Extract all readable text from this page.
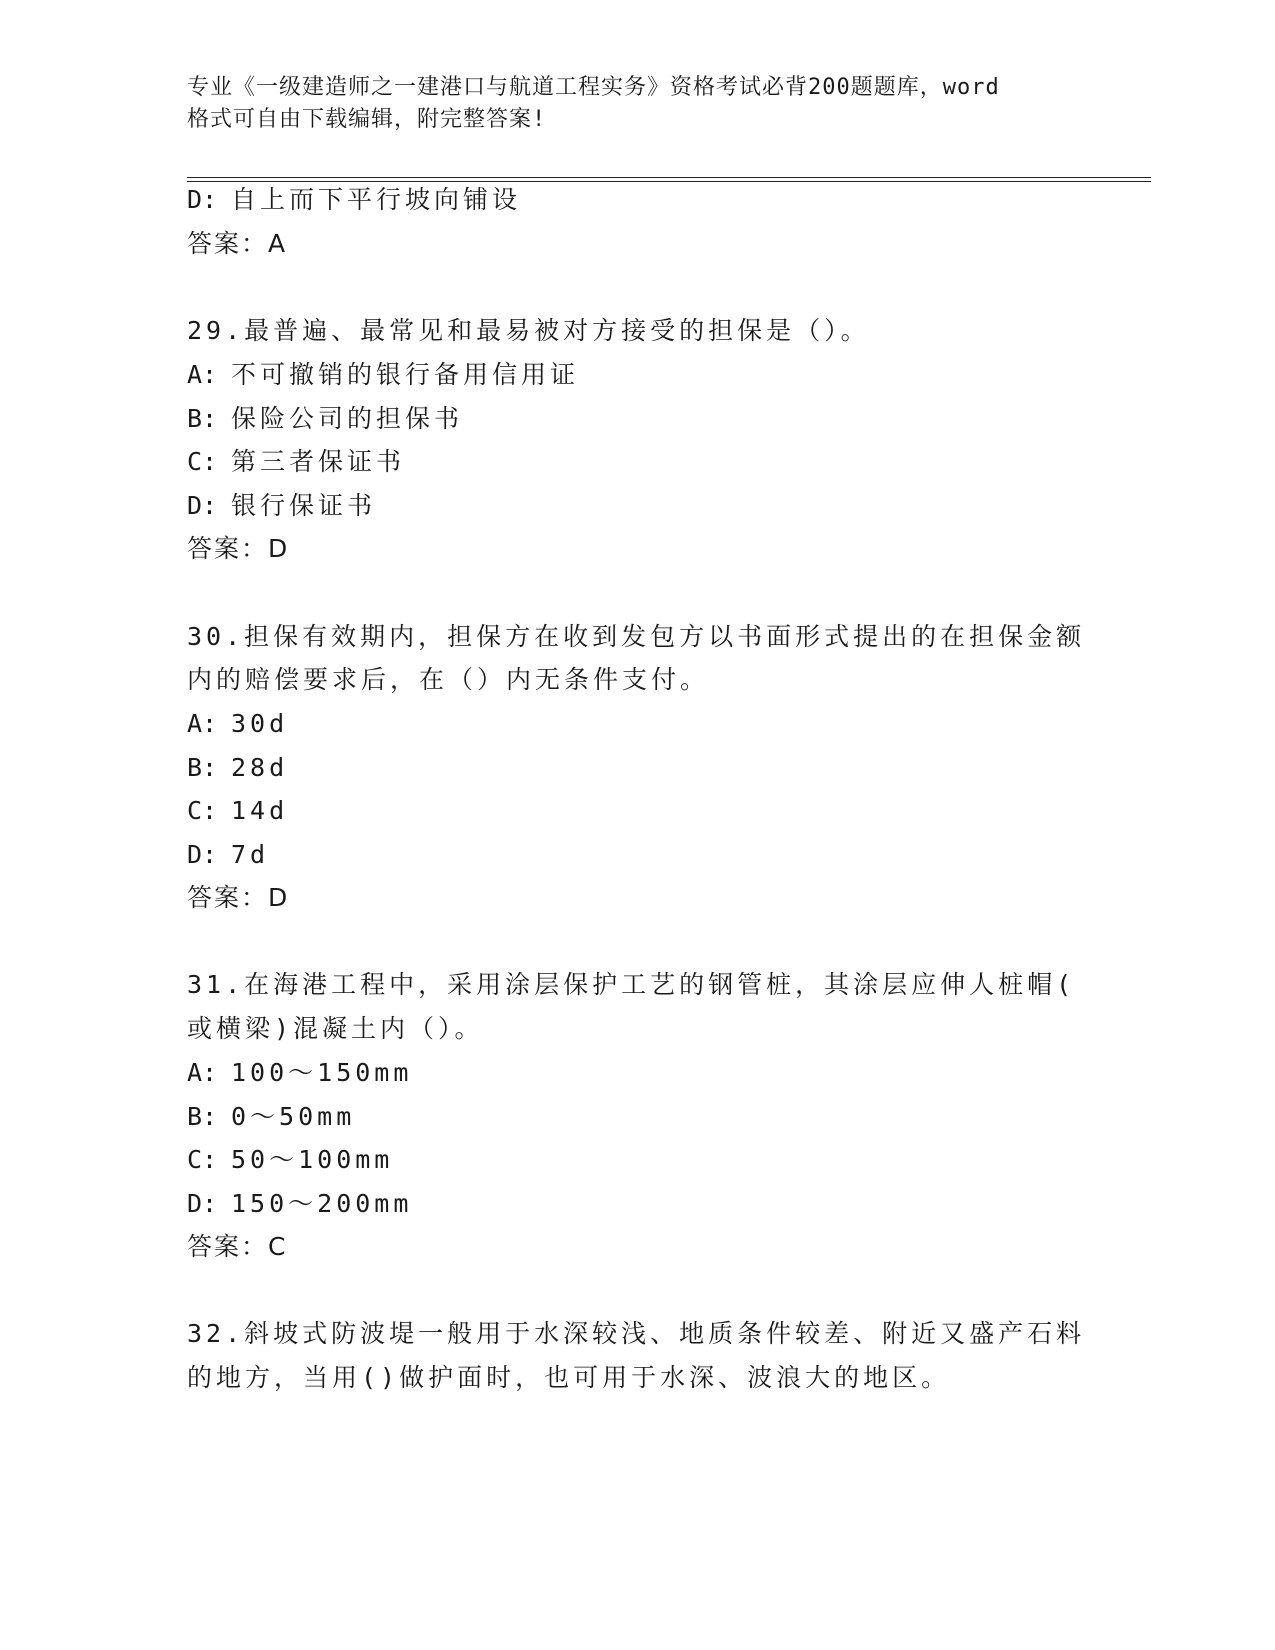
专业《一级建造师之一建港口与航道工程实务》资格考试必背200题题库，word
格式可自由下载编辑，附完整答案!
D: 自上而下平行坡向铺设
答案：A
29.最普遍、最常见和最易被对方接受的担保是（）。
A: 不可撤销的银行备用信用证
B: 保险公司的担保书
C: 第三者保证书
D: 银行保证书
答案：D
30.担保有效期内，担保方在收到发包方以书面形式提出的在担保金额
内的赔偿要求后，在（）内无条件支付。
A: 30d
B: 28d
C: 14d
D: 7d
答案：D
31.在海港工程中，采用涂层保护工艺的钢管桩，其涂层应伸人桩帽(
或横梁)混凝土内（）。
A: 100～150mm
B: 0～50mm
C: 50～100mm
D: 150～200mm
答案：C
32.斜坡式防波堤一般用于水深较浅、地质条件较差、附近又盛产石料
的地方，当用()做护面时，也可用于水深、波浪大的地区。
